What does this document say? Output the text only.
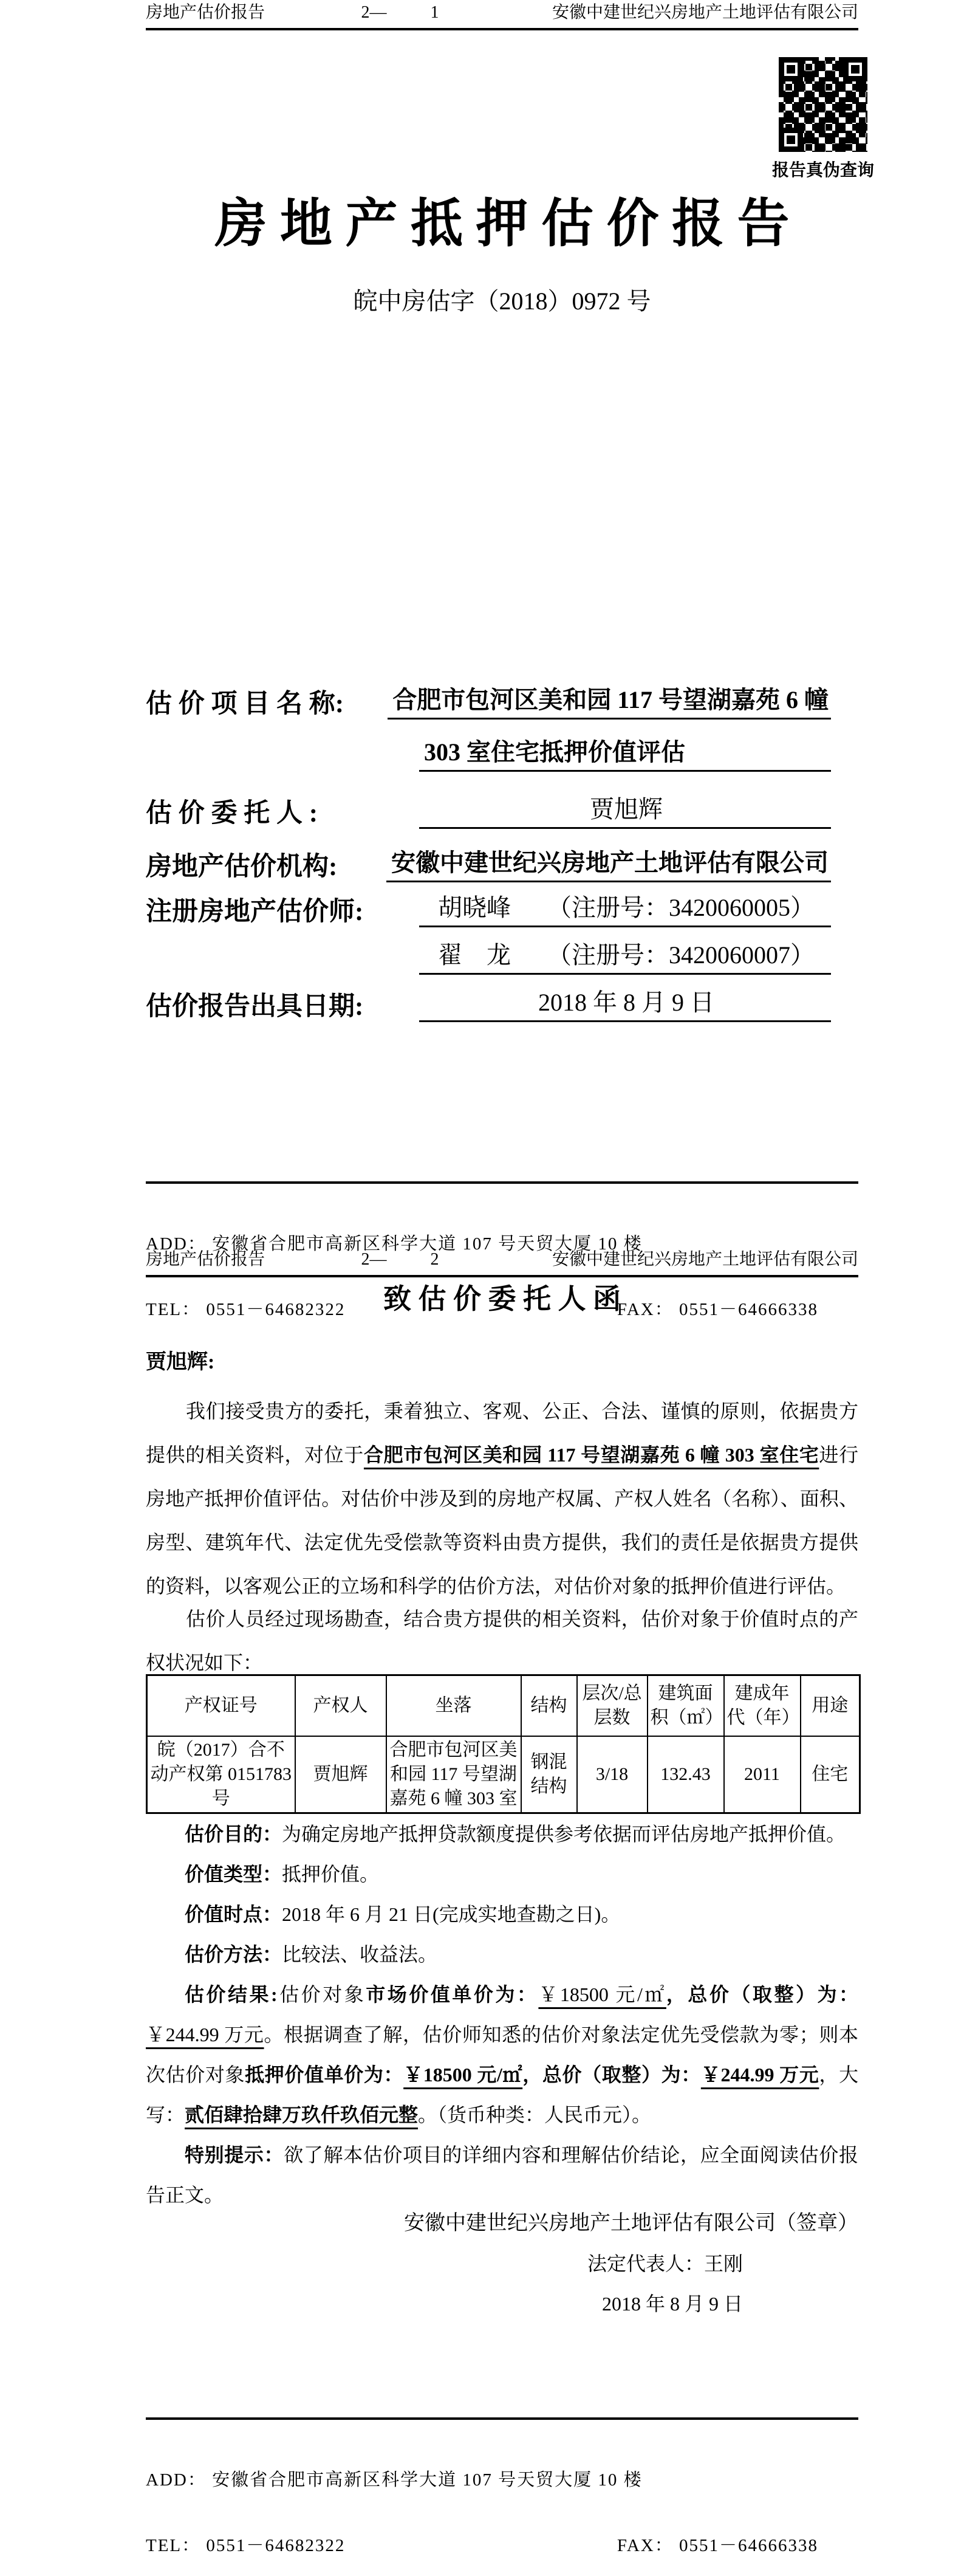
房地产估价报告	2—	1	安徽中建世纪兴房地产土地评估有限公司
报告真伪查询
房 地 产 抵 押 估 价 报 告
皖中房估字（2018）0972 号
估 价 项 目 名 称:	合肥市包河区美和园 117 号望湖嘉苑 6 幢
303 室住宅抵押价值评估
估 价 委 托 人 :	贾旭辉
房地产估价机构:	安徽中建世纪兴房地产土地评估有限公司
注册房地产估价师:	胡晓峰　　（注册号：3420060005）
翟　龙　　（注册号：3420060007）
估价报告出具日期:	2018 年 8 月 9 日

ADD： 安徽省合肥市高新区科学大道 107 号天贸大厦 10 楼

TEL： 0551－64682322	FAX： 0551－64666338

房地产估价报告	2—	2	安徽中建世纪兴房地产土地评估有限公司
致 估 价 委 托 人 函
贾旭辉:
我们接受贵方的委托，秉着独立、客观、公正、合法、谨慎的原则，依据贵方提供的相关资料，对位于合肥市包河区美和园 117 号望湖嘉苑 6 幢 303 室住宅进行房地产抵押价值评估。对估价中涉及到的房地产权属、产权人姓名（名称）、面积、房型、建筑年代、法定优先受偿款等资料由贵方提供，我们的责任是依据贵方提供的资料，以客观公正的立场和科学的估价方法，对估价对象的抵押价值进行评估。
估价人员经过现场勘查，结合贵方提供的相关资料，估价对象于价值时点的产权状况如下：
产权证号	产权人	坐落	结构	层次/总层数	建筑面积（㎡）	建成年代（年）	用途
皖（2017）合不动产权第 0151783 号	贾旭辉	合肥市包河区美和园 117 号望湖嘉苑 6 幢 303 室	钢混结构	3/18	132.43	2011	住宅
估价目的：为确定房地产抵押贷款额度提供参考依据而评估房地产抵押价值。
价值类型：抵押价值。
价值时点：2018 年 6 月 21 日(完成实地查勘之日)。
估价方法：比较法、收益法。
估价结果:估价对象市场价值单价为：￥18500 元/㎡，总价（取整）为：￥244.99 万元。根据调查了解，估价师知悉的估价对象法定优先受偿款为零；则本次估价对象抵押价值单价为：￥18500 元/㎡，总价（取整）为：￥244.99 万元，大写：贰佰肆拾肆万玖仟玖佰元整。（货币种类：人民币元）。
特别提示：欲了解本估价项目的详细内容和理解估价结论，应全面阅读估价报告正文。
安徽中建世纪兴房地产土地评估有限公司（签章）
法定代表人：王刚
2018 年 8 月 9 日

ADD： 安徽省合肥市高新区科学大道 107 号天贸大厦 10 楼

TEL： 0551－64682322	FAX： 0551－64666338
